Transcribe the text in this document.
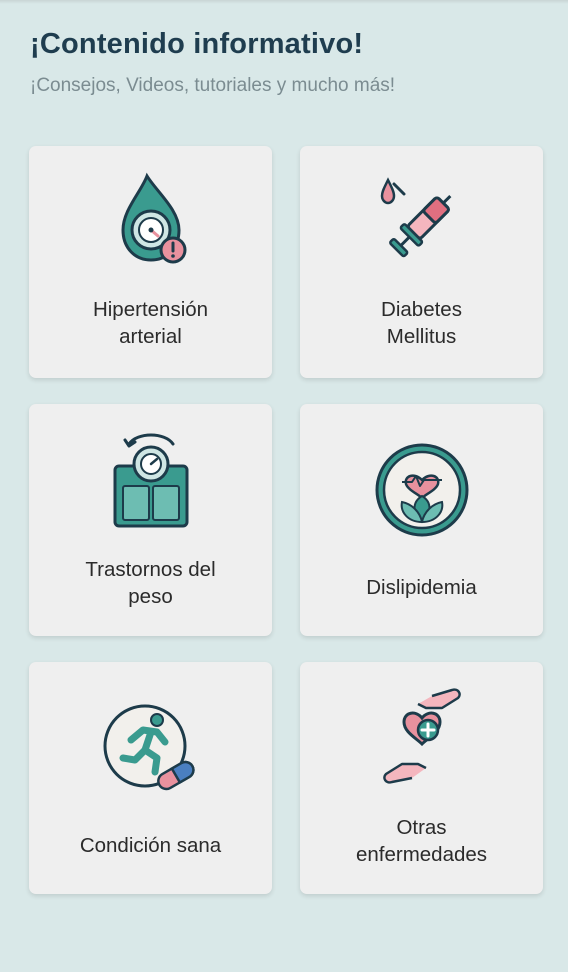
¡Contenido informativo!

¡Consejos, Videos, tutoriales y mucho más!

Hipertensión
arterial
Diabetes
Mellitus
Trastornos del
peso	Dislipidemia
Condición sana
Otras
enfermedades
